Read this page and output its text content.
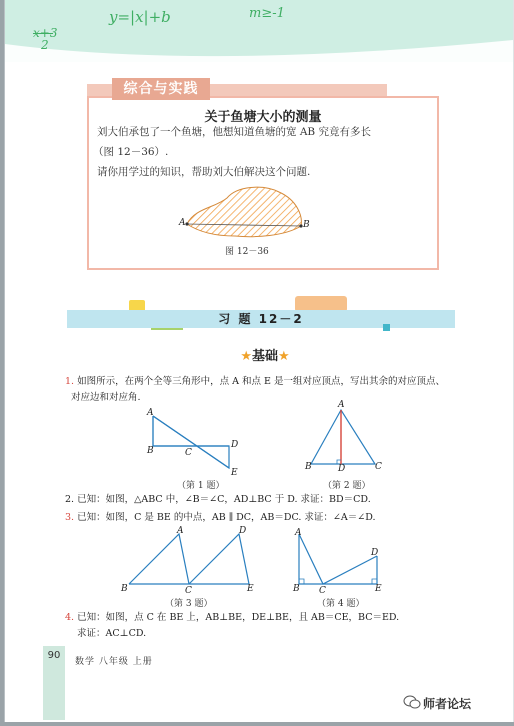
x+3
2
y=|x|+b	m≥-1
综合与实践
关于鱼塘大小的测量
刘大伯承包了一个鱼塘，他想知道鱼塘的宽 AB 究竟有多长
（图 12－36）.
请你用学过的知识，帮助刘大伯解决这个问题.
A	B
图 12－36
习 题 12－2
★基础★
1. 如图所示，在两个全等三角形中，点 A 和点 E 是一组对应顶点，写出其余的对应顶点、
对应边和对应角.
A
B	C
D
E
（第 1 题）
A
B	D	C
（第 2 题）
2. 已知：如图，△ABC 中，∠B＝∠C，AD⊥BC 于 D. 求证：BD＝CD.
3. 已知：如图，C 是 BE 的中点，AB ∥ DC，AB＝DC. 求证：∠A＝∠D.
A	D
B	C	E
（第 3 题）
A
D
B C	E
（第 4 题）
4. 已知：如图，点 C 在 BE 上，AB⊥BE，DE⊥BE，且 AB＝CE，BC＝ED.
求证：AC⊥CD.
90
数学 八年级 上册
师者论坛
